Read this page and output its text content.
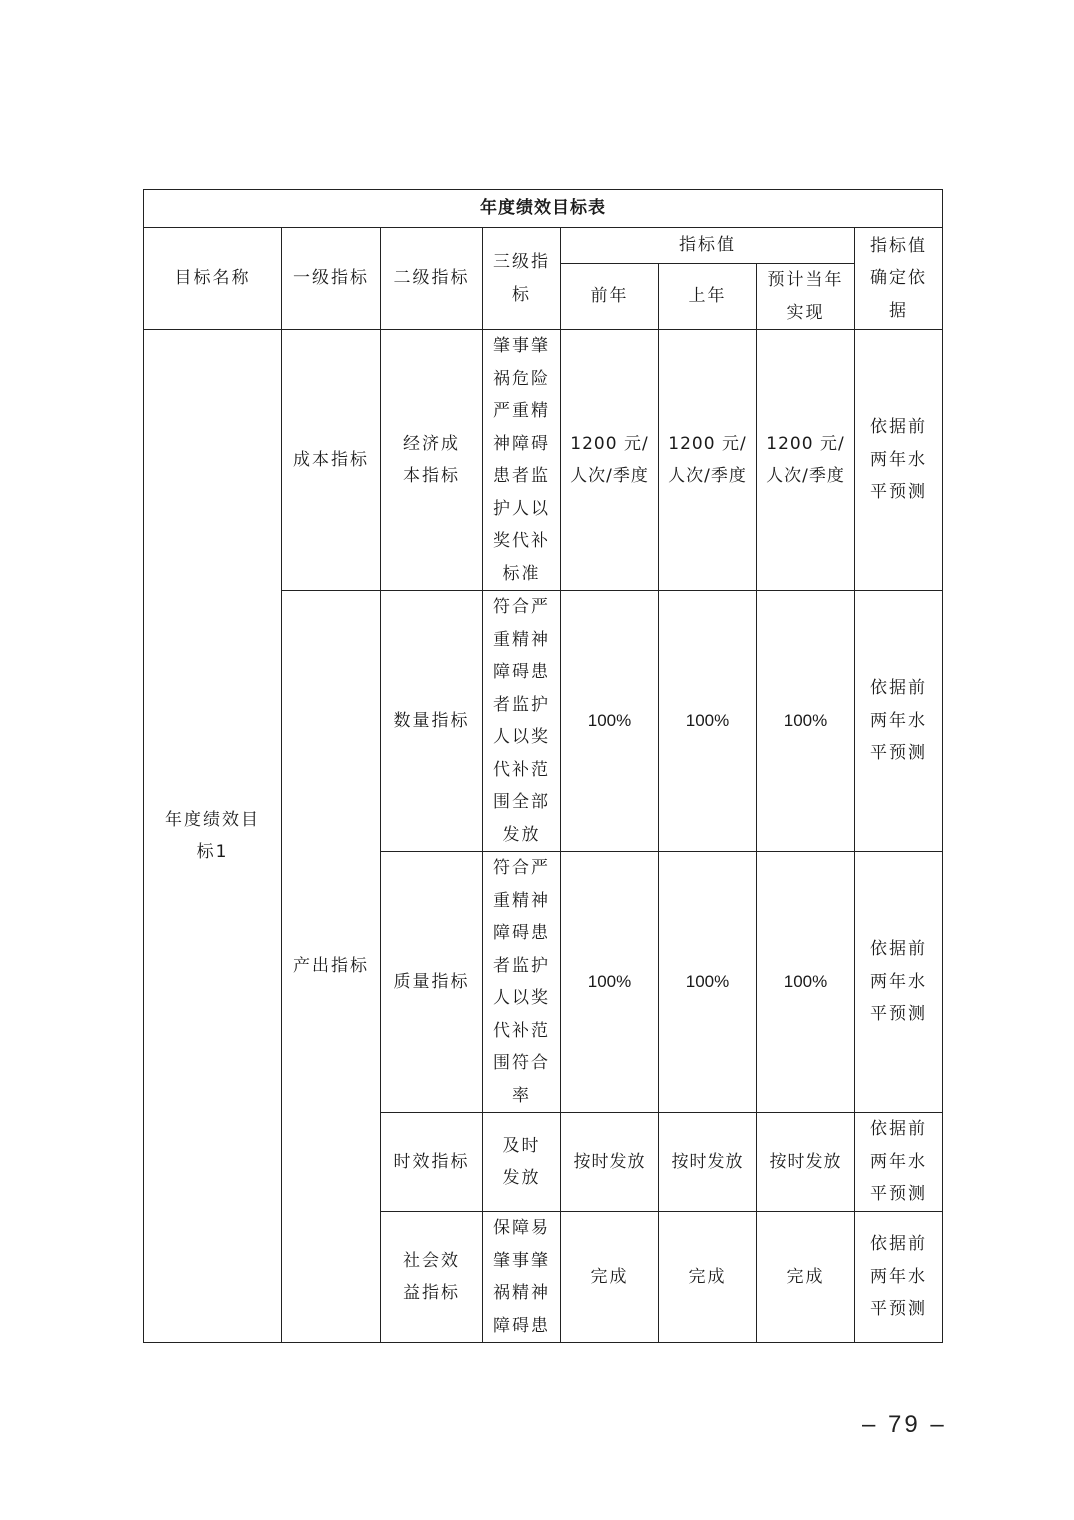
年度绩效目标表							
目标名称	一级指标	二级指标	三级指标	指标值			指标值确定依据
				前年	上年	预计当年实现	
年度绩效目标1	成本指标	经济成本指标	肇事肇祸危险严重精神障碍患者监护人以奖代补标准	1200 元/人次/季度	1200 元/人次/季度	1200 元/人次/季度	依据前两年水平预测
	产出指标	数量指标	符合严重精神障碍患者监护人以奖代补范围全部发放	100%	100%	100%	依据前两年水平预测
		质量指标	符合严重精神障碍患者监护人以奖代补范围符合率	100%	100%	100%	依据前两年水平预测
		时效指标	及时发放	按时发放	按时发放	按时发放	依据前两年水平预测
		社会效益指标	保障易肇事肇祸精神障碍患	完成	完成	完成	依据前两年水平预测
– 79 –
